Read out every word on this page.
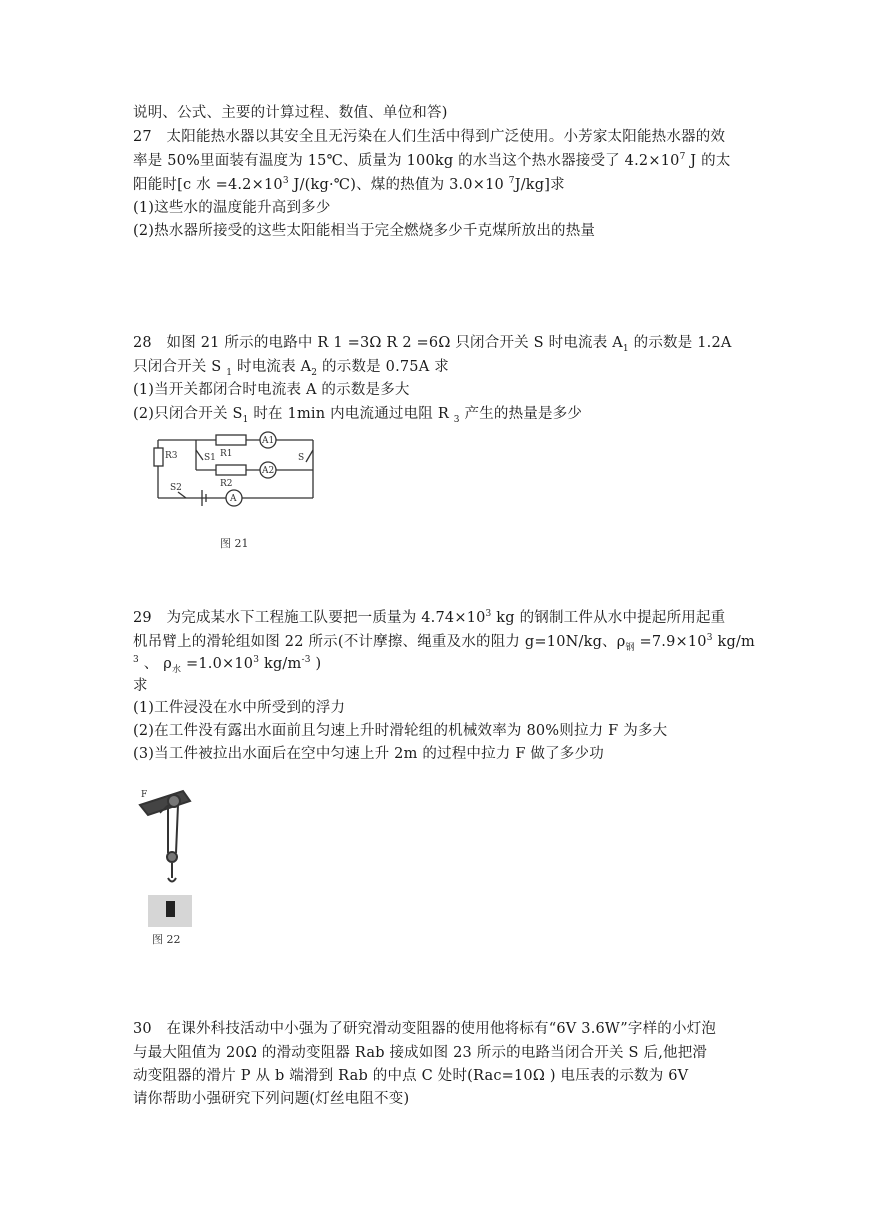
说明、公式、主要的计算过程、数值、单位和答)
27　太阳能热水器以其安全且无污染在人们生活中得到广泛使用。小芳家太阳能热水器的效
率是 50%里面装有温度为 15℃、质量为 100kg 的水当这个热水器接受了 $4.2\times 10^7$ J 的太
阳能时[c 水 $=4.2\times 10^3$ J/(kg·℃)、煤的热值为 3.0×10 $^7$J/kg]求
(1)这些水的温度能升高到多少
(2)热水器所接受的这些太阳能相当于完全燃烧多少千克煤所放出的热量
28　如图 21 所示的电路中 R 1 =3Ω R 2 =6Ω 只闭合开关 S 时电流表 $A_1$ 的示数是 1.2A
只闭合开关 S $_1$ 时电流表 $A_2$ 的示数是 0.75A 求
(1)当开关都闭合时电流表 A 的示数是多大
(2)只闭合开关 $S_1$ 时在 1min 内电流通过电阻 R $_3$ 产生的热量是多少
R3	S1 R1
A1
S
R2
A2
S2
A
图 21
29　为完成某水下工程施工队要把一质量为 $4.74\times 10^3$ kg 的钢制工件从水中提起所用起重
机吊臂上的滑轮组如图 22 所示(不计摩擦、绳重及水的阻力 g=10N/kg、$\rho_钢 =7.9\times 10^3$ kg/m
$^3$ 、 $\rho_水 =1.0\times 10^3$ $kg/m^{-3}$ )
求
(1)工件浸没在水中所受到的浮力
(2)在工件没有露出水面前且匀速上升时滑轮组的机械效率为 80%则拉力 F 为多大
(3)当工件被拉出水面后在空中匀速上升 2m 的过程中拉力 F 做了多少功
F
图 22
30　在课外科技活动中小强为了研究滑动变阻器的使用他将标有“6V 3.6W”字样的小灯泡
与最大阻值为 20Ω 的滑动变阻器 Rab 接成如图 23 所示的电路当闭合开关 S 后,他把滑
动变阻器的滑片 P 从 b 端滑到 Rab 的中点 C 处时(Rac=10Ω ) 电压表的示数为 6V
请你帮助小强研究下列问题(灯丝电阻不变)
